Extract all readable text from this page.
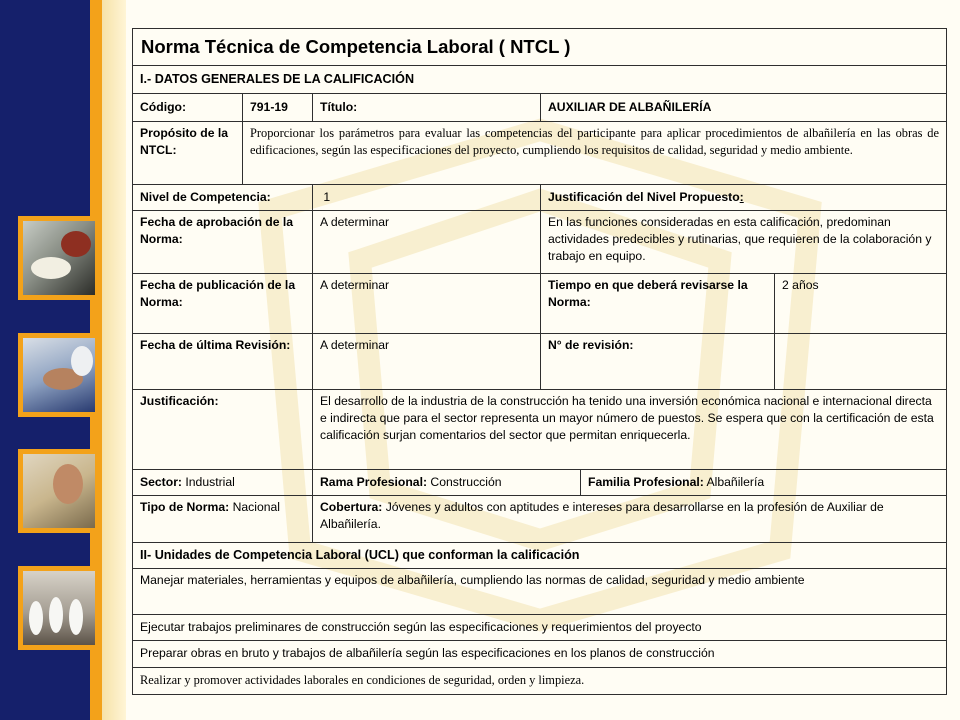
Norma Técnica de Competencia Laboral ( NTCL )					
I.- DATOS GENERALES DE LA CALIFICACIÓN					
Código:	791-19	Título:	AUXILIAR DE ALBAÑILERÍA		
Propósito de la NTCL:	Proporcionar los parámetros para evaluar las competencias del participante para aplicar procedimientos de albañilería en las obras de edificaciones, según las especificaciones del proyecto, cumpliendo los requisitos de calidad, seguridad y medio ambiente.				
Nivel de Competencia:		1	Justificación del Nivel Propuesto:		
Fecha de aprobación de la Norma:		A determinar	En las funciones consideradas en esta calificación, predominan actividades predecibles y rutinarias, que requieren de la colaboración y trabajo en equipo.		
Fecha de publicación de la Norma:		A determinar	Tiempo en que deberá revisarse la Norma:		2 años
Fecha de última Revisión:		A determinar	N° de revisión:		
Justificación:		El desarrollo de la industria de la construcción ha tenido una inversión económica nacional e internacional directa e indirecta que para el sector representa un mayor número de puestos. Se espera que con la certificación de esta calificación surjan comentarios del sector que permitan enriquecerla.			
Sector: Industrial		Rama Profesional: Construcción		Familia Profesional: Albañilería	
Tipo de Norma: Nacional		Cobertura: Jóvenes y adultos con aptitudes e intereses para desarrollarse en la profesión de Auxiliar de Albañilería.			
II- Unidades de Competencia Laboral (UCL) que conforman la calificación					
Manejar materiales, herramientas y equipos de albañilería, cumpliendo las normas de calidad, seguridad y medio ambiente					
Ejecutar trabajos preliminares de construcción según las especificaciones y requerimientos del proyecto					
Preparar obras en bruto y trabajos de albañilería según las especificaciones en los planos de construcción					
Realizar y promover actividades laborales en condiciones de seguridad, orden y limpieza.					
